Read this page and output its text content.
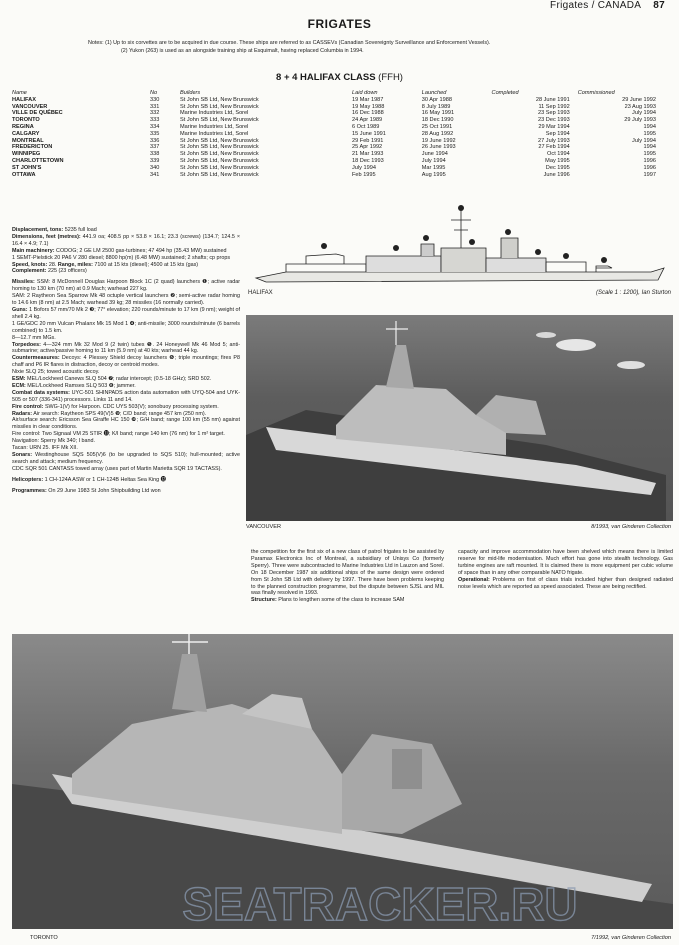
Frigates / CANADA 87
FRIGATES
Notes: (1) Up to six corvettes are to be acquired in due course. These ships are referred to as CASSEVs (Canadian Sovereignty Surveillance and Enforcement Vessels).
(2) Yukon (263) is used as an alongside training ship at Esquimalt, having replaced Columbia in 1994.
8 + 4 HALIFAX CLASS (FFH)
Name	No	Builders	Laid down	Launched	Completed	Commissioned
HALIFAX	330	St John SB Ltd, New Brunswick	19 Mar 1987	30 Apr 1988	28 June 1991	29 June 1992
VANCOUVER	331	St John SB Ltd, New Brunswick	19 May 1988	8 July 1989	11 Sep 1992	23 Aug 1993
VILLE DE QUÉBEC	332	Marine Industries Ltd, Sorel	16 Dec 1988	16 May 1991	23 Sep 1993	July 1994
TORONTO	333	St John SB Ltd, New Brunswick	24 Apr 1989	18 Dec 1990	23 Dec 1993	29 July 1993
REGINA	334	Marine Industries Ltd, Sorel	6 Oct 1989	25 Oct 1991	29 Mar 1994	1994
CALGARY	335	Marine Industries Ltd, Sorel	15 June 1991	28 Aug 1992	Sep 1994	1995
MONTREAL	336	St John SB Ltd, New Brunswick	29 Feb 1991	19 June 1992	27 July 1993	July 1994
FREDERICTON	337	St John SB Ltd, New Brunswick	25 Apr 1992	26 June 1993	27 Feb 1994	1994
WINNIPEG	338	St John SB Ltd, New Brunswick	21 Mar 1993	June 1994	Oct 1994	1995
CHARLOTTETOWN	339	St John SB Ltd, New Brunswick	18 Dec 1993	July 1994	May 1995	1996
ST JOHN'S	340	St John SB Ltd, New Brunswick	July 1994	Mar 1995	Dec 1995	1996
OTTAWA	341	St John SB Ltd, New Brunswick	Feb 1995	Aug 1995	June 1996	1997

Displacement, tons: 5235 full load

Dimensions, feet (metres): 441.9 oa; 408.5 pp × 53.8 × 16.1; 23.3 (screws) (134.7; 124.5 × 16.4 × 4.9; 7.1)

Main machinery: CODOG; 2 GE LM 2500 gas-turbines; 47 494 hp (35.43 MW) sustained

1 SEMT-Pielstick 20 PA6 V 280 diesel; 8800 hp(m) (6.48 MW) sustained; 2 shafts; cp props

Speed, knots: 28. Range, miles: 7100 at 15 kts (diesel); 4500 at 15 kts (gas)

Complement: 225 (23 officers)

Missiles: SSM: 8 McDonnell Douglas Harpoon Block 1C (2 quad) launchers ❶; active radar homing to 130 km (70 nm) at 0.9 Mach; warhead 227 kg.

SAM: 2 Raytheon Sea Sparrow Mk 48 octuple vertical launchers ❷; semi-active radar homing to 14.6 km (8 nm) at 2.5 Mach; warhead 39 kg; 28 missiles (16 normally carried).

Guns: 1 Bofors 57 mm/70 Mk 2 ❸; 77° elevation; 220 rounds/minute to 17 km (9 nm); weight of shell 2.4 kg.

1 GE/GDC 20 mm Vulcan Phalanx Mk 15 Mod 1 ❹; anti-missile; 3000 rounds/minute (6 barrels combined) to 1.5 km.

8—12.7 mm MGs.

Torpedoes: 4—324 mm Mk 32 Mod 9 (2 twin) tubes ❺. 24 Honeywell Mk 46 Mod 5; anti-submarine; active/passive homing to 11 km (5.9 nm) at 40 kts; warhead 44 kg.

Countermeasures: Decoys: 4 Plessey Shield decoy launchers ❻; triple mountings; fires P8 chaff and P6 IR flares in distraction, decoy or centroid modes.

Nixie SLQ 25; towed acoustic decoy.

ESM: MEL/Lockheed Canews SLQ 504 ❼; radar intercept; (0.5-18 GHz); SRD 502.

ECM: MEL/Lockheed Ramses SLQ 503 ❽; jammer.

Combat data systems: UYC-501 SHINPADS action data automation with UYQ-504 and UYK-505 or 507 (336-341) processors. Links 11 and 14.

Fire control: SWG-1(V) for Harpoon. CDC UYS 503(V); sonobuoy processing system.

Radars: Air search: Raytheon SPS 49(V)5 ❾; C/D band; range 457 km (250 nm).

Air/surface search: Ericsson Sea Giraffe HC 150 ❿; G/H band; range 100 km (55 nm) against missiles in clear conditions.

Fire control: Two Signaal VM 25 STIR ⓫; K/I band; range 140 km (76 nm) for 1 m² target.

Navigation: Sperry Mk 340; I band.

Tacan: URN 25. IFF Mk XII.

Sonars: Westinghouse SQS 505(V)6 (to be upgraded to SQS 510); hull-mounted; active search and attack; medium frequency.

CDC SQR 501 CANTASS towed array (uses part of Martin Marietta SQR 19 TACTASS).

Helicopters: 1 CH-124A ASW or 1 CH-124B Heltas Sea King ⓬

Programmes: On 29 June 1983 St John Shipbuilding Ltd won

HALIFAX	(Scale 1 : 1200), Ian Sturton
VANCOUVER	8/1993, van Ginderen Collection

the competition for the first six of a new class of patrol frigates to be assisted by Paramax Electronics Inc of Montreal, a subsidiary of Unisys Co (formerly Sperry). Three were subcontracted to Marine Industries Ltd in Lauzon and Sorel. On 18 December 1987 six additional ships of the same design were ordered from St John SB Ltd with delivery by 1997. There have been problems keeping to the planned construction programme, but the dispute between SJSL and MIL was finally resolved in 1993.

Structure: Plans to lengthen some of the class to increase SAM

capacity and improve accommodation have been shelved which means there is limited reserve for mid-life modernisation. Much effort has gone into stealth technology. Gas turbine engines are raft mounted. It is claimed there is more equipment per cubic volume of space than in any other comparable NATO frigate.

Operational: Problems on first of class trials included higher than designed radiated noise levels which are reported as speed associated. These are being rectified.

SEATRACKER.RU
TORONTO	7/1992, van Ginderen Collection
